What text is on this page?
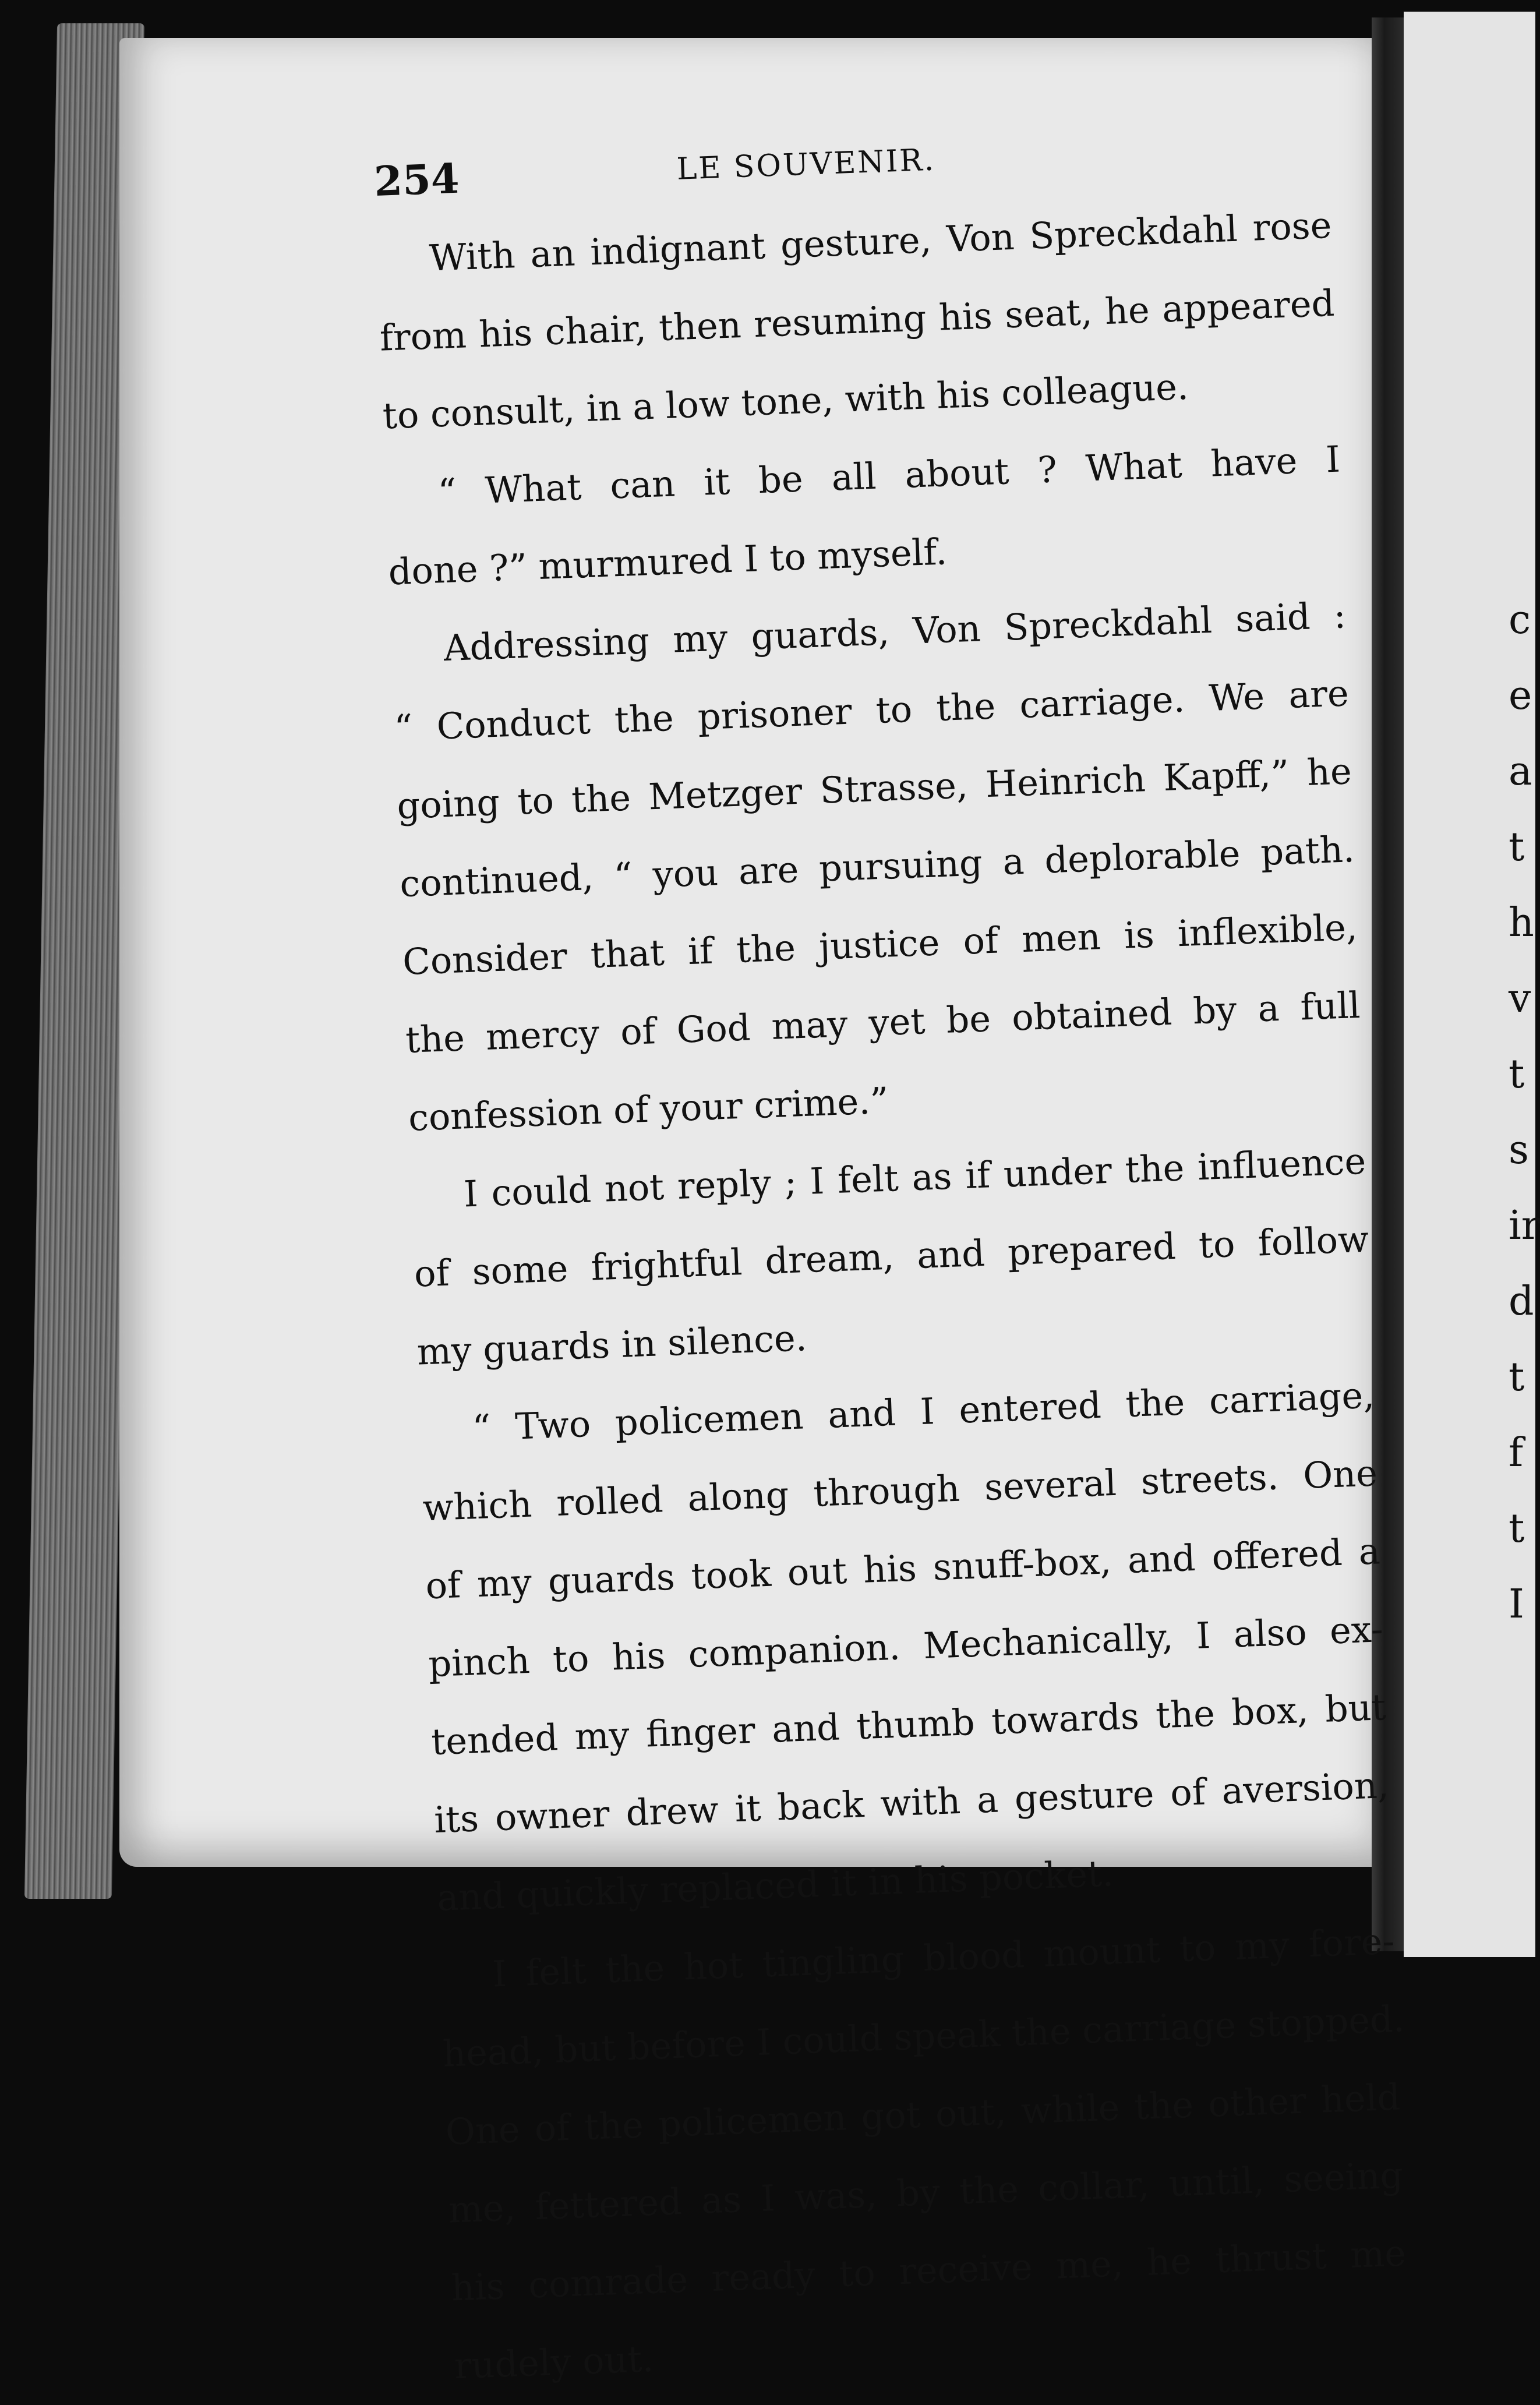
c
e
a
t
h
v
t
s
ir
d
t
f
t
I
254	LE SOUVENIR.
With an indignant gesture, Von Spreckdahl rose
from his chair, then resuming his seat, he appeared
to consult, in a low tone, with his colleague.
“ What can it be all about ? What have I
done ?” murmured I to myself.
Addressing my guards, Von Spreckdahl said :
“ Conduct the prisoner to the carriage. We are
going to the Metzger Strasse, Heinrich Kapff,” he
continued, “ you are pursuing a deplorable path.
Consider that if the justice of men is inflexible,
the mercy of God may yet be obtained by a full
confession of your crime.”
I could not reply ; I felt as if under the influence
of some frightful dream, and prepared to follow
my guards in silence.
“ Two policemen and I entered the carriage,
which rolled along through several streets. One
of my guards took out his snuff-box, and offered a
pinch to his companion. Mechanically, I also ex-
tended my finger and thumb towards the box, but
its owner drew it back with a gesture of aversion,
and quickly replaced it in his pocket.
I felt the hot tingling blood mount to my fore-
head, but before I could speak the carriage stopped.
One of the policemen got out, while the other held
me, fettered as I was, by the collar, until, seeing
his comrade ready to receive me, he thrust me
rudely out.
